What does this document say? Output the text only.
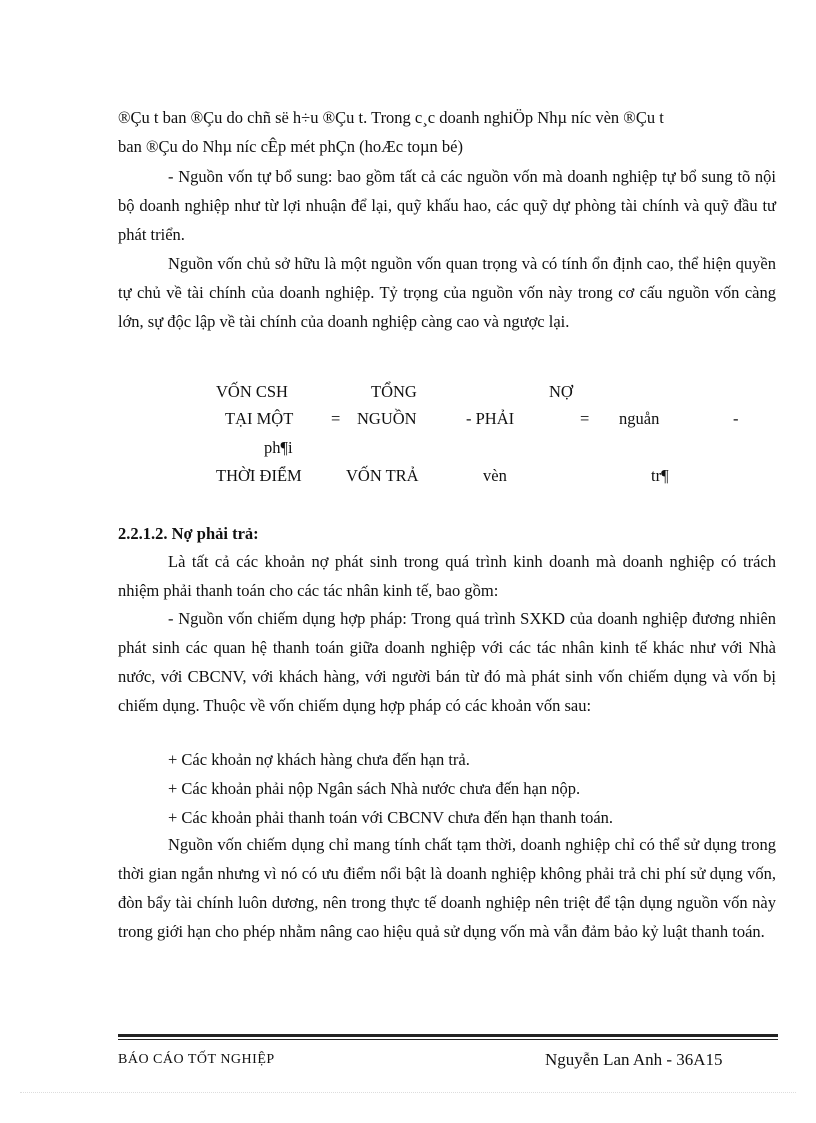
®Çu t ban ®Çu do chñ së h÷u ®Çu t. Trong c¸c doanh nghiÖp Nhµ níc vèn ®Çu t

ban ®Çu do Nhµ níc cÊp mét phÇn (hoÆc toµn bé)

- Nguồn vốn tự bổ sung: bao gồm tất cả các nguồn vốn mà doanh nghiệp tự bổ sung tõ nội bộ doanh nghiệp như từ lợi nhuận để lại, quỹ khấu hao, các quỹ dự phòng tài chính và quỹ đầu tư phát triển.

Nguồn vốn chủ sở hữu là một nguồn vốn quan trọng và có tính ổn định cao, thể hiện quyền tự chủ về tài chính của doanh nghiệp. Tỷ trọng của nguồn vốn này trong cơ cấu nguồn vốn càng lớn, sự độc lập về tài chính của doanh nghiệp càng cao và ngược lại.

VỐN CSH	TỔNG	NỢ
TẠI MỘT = NGUỒN	- PHẢI	= nguån	-
ph¶i
THỜI ĐIỂM	VỐN TRẢ	vèn	tr¶

2.2.1.2. Nợ phải trả:

Là tất cả các khoản nợ phát sinh trong quá trình kinh doanh mà doanh nghiệp có trách nhiệm phải thanh toán cho các tác nhân kinh tế, bao gồm:

- Nguồn vốn chiếm dụng hợp pháp: Trong quá trình SXKD của doanh nghiệp đương nhiên phát sinh các quan hệ thanh toán giữa doanh nghiệp với các tác nhân kinh tế khác như với Nhà nước, với CBCNV, với khách hàng, với người bán từ đó mà phát sinh vốn chiếm dụng và vốn bị chiếm dụng. Thuộc về vốn chiếm dụng hợp pháp có các khoản vốn sau:

+ Các khoản nợ khách hàng chưa đến hạn trả.

+ Các khoản phải nộp Ngân sách Nhà nước chưa đến hạn nộp.

+ Các khoản phải thanh toán với CBCNV chưa đến hạn thanh toán.

Nguồn vốn chiếm dụng chỉ mang tính chất tạm thời, doanh nghiệp chỉ có thể sử dụng trong thời gian ngắn nhưng vì nó có ưu điểm nổi bật là doanh nghiệp không phải trả chi phí sử dụng vốn, đòn bẩy tài chính luôn dương, nên trong thực tế doanh nghiệp nên triệt để tận dụng nguồn vốn này trong giới hạn cho phép nhằm nâng cao hiệu quả sử dụng vốn mà vẫn đảm bảo kỷ luật thanh toán.

BÁO CÁO TỐT NGHIỆP	Nguyễn Lan Anh - 36A15
